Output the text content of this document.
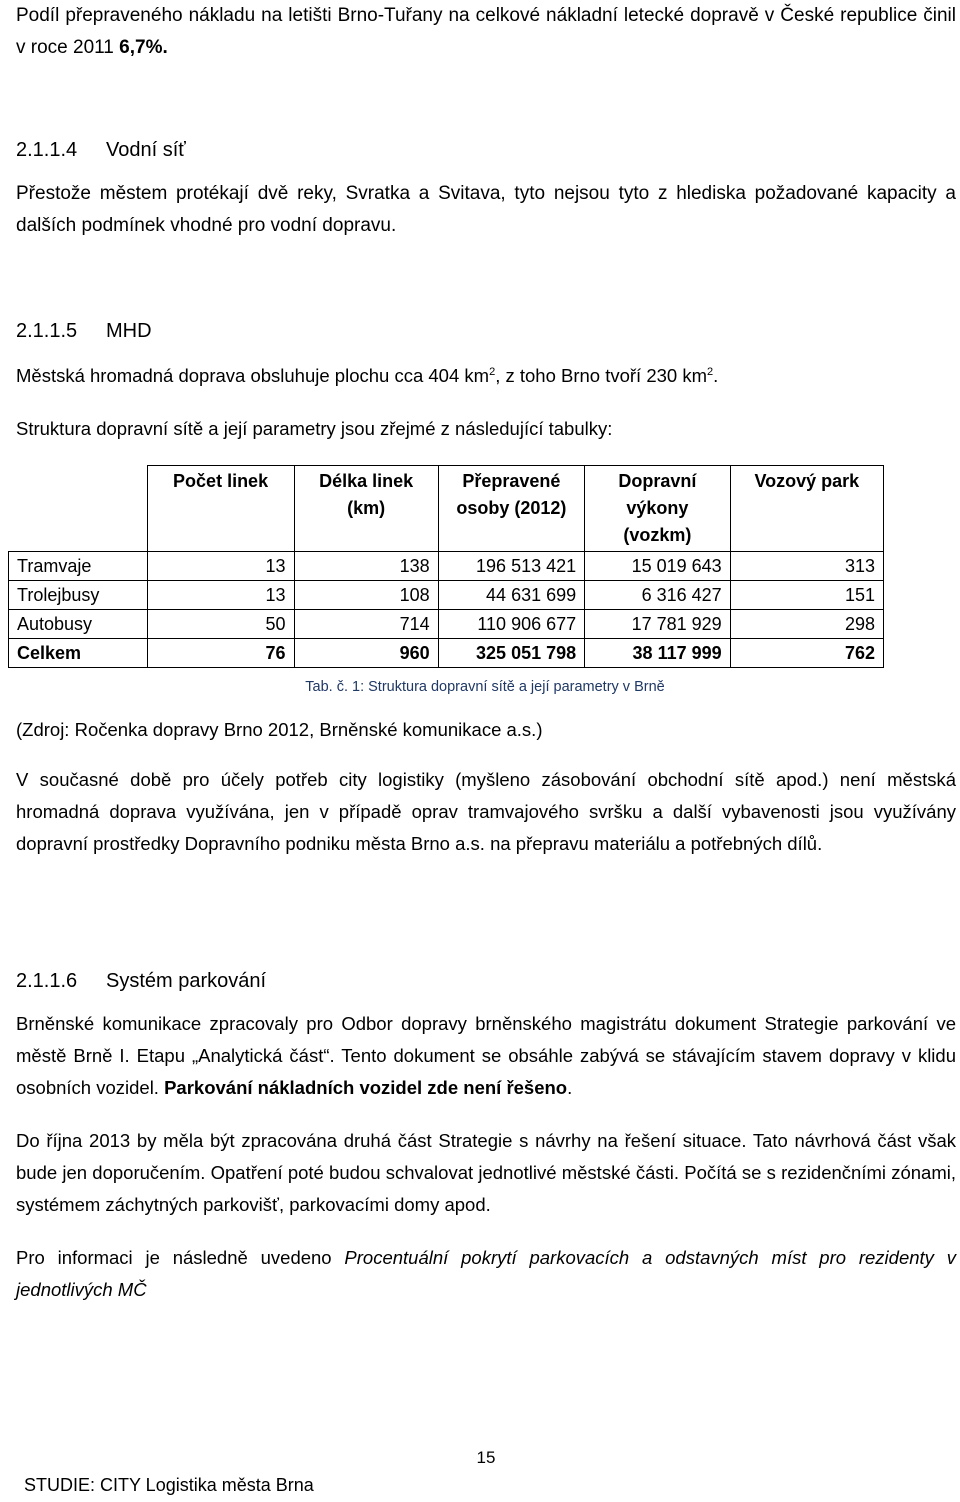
Podíl přepraveného nákladu na letišti Brno-Tuřany na celkové nákladní letecké dopravě v České republice činil v roce 2011 6,7%.

2.1.1.4 Vodní síť

Přestože městem protékají dvě reky, Svratka a Svitava, tyto nejsou tyto z hlediska požadované kapacity a dalších podmínek vhodné pro vodní dopravu.

2.1.1.5 MHD

Městská hromadná doprava obsluhuje plochu cca 404 $km^2$, z toho Brno tvoří 230 $km^2$.

Struktura dopravní sítě a její parametry jsou zřejmé z následující tabulky:

	Počet linek	Délka linek (km)	Přepravené osoby (2012)	Dopravní výkony (vozkm)	Vozový park
Tramvaje	13	138	196 513 421	15 019 643	313
Trolejbusy	13	108	44 631 699	6 316 427	151
Autobusy	50	714	110 906 677	17 781 929	298
Celkem	76	960	325 051 798	38 117 999	762

Tab. č. 1: Struktura dopravní sítě a její parametry v Brně

(Zdroj: Ročenka dopravy Brno 2012, Brněnské komunikace a.s.)

V současné době pro účely potřeb city logistiky (myšleno zásobování obchodní sítě apod.) není městská hromadná doprava využívána, jen v případě oprav tramvajového svršku a další vybavenosti jsou využívány dopravní prostředky Dopravního podniku města Brno a.s. na přepravu materiálu a potřebných dílů.

2.1.1.6 Systém parkování

Brněnské komunikace zpracovaly pro Odbor dopravy brněnského magistrátu dokument Strategie parkování ve městě Brně I. Etapu „Analytická část“. Tento dokument se obsáhle zabývá se stávajícím stavem dopravy v klidu osobních vozidel. Parkování nákladních vozidel zde není řešeno.

Do října 2013 by měla být zpracována druhá část Strategie s návrhy na řešení situace. Tato návrhová část však bude jen doporučením. Opatření poté budou schvalovat jednotlivé městské části. Počítá se s rezidenčními zónami, systémem záchytných parkovišť, parkovacími domy apod.

Pro informaci je následně uvedeno Procentuální pokrytí parkovacích a odstavných míst pro rezidenty v jednotlivých MČ

15
STUDIE: CITY Logistika města Brna
